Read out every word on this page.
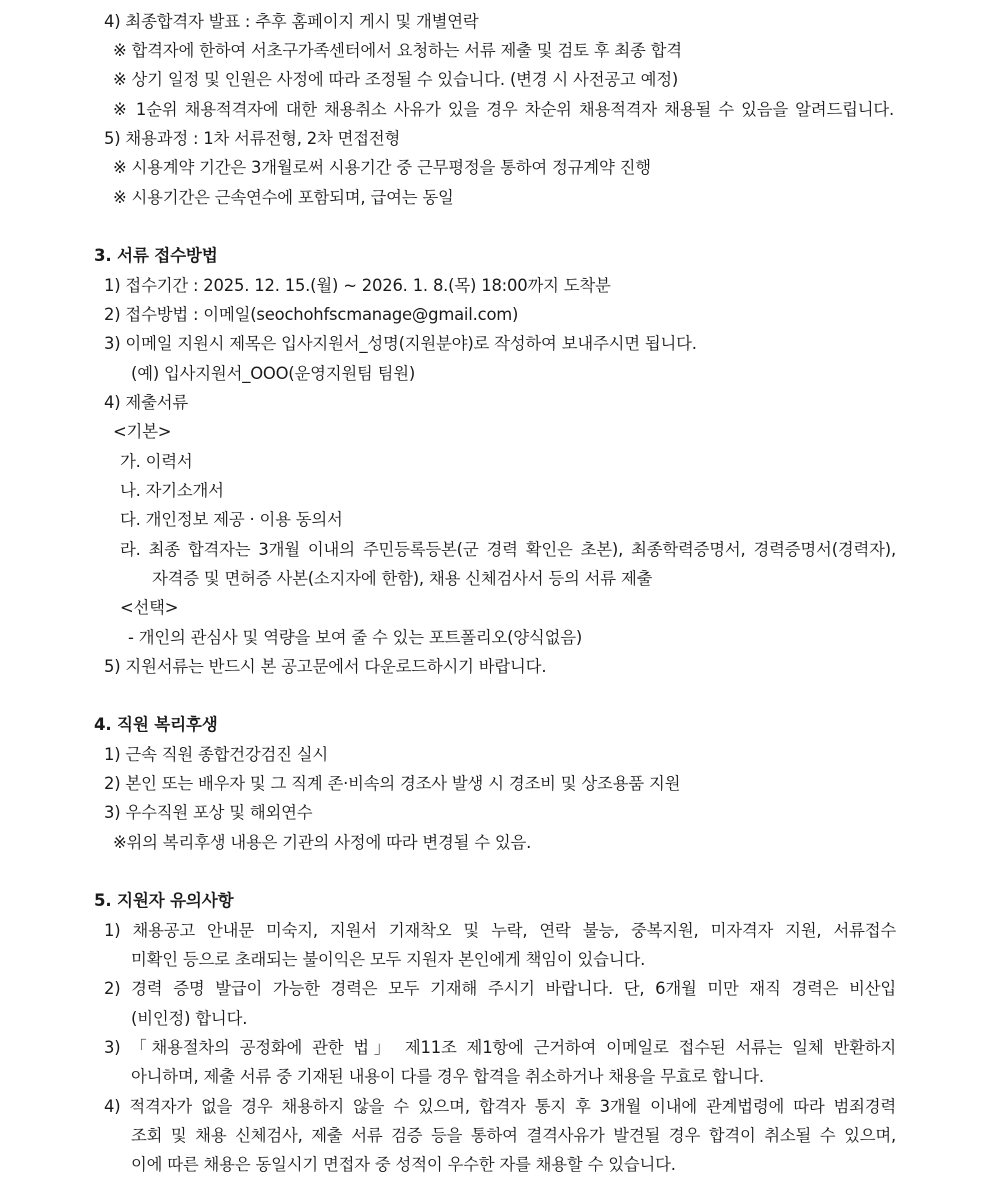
4) 최종합격자 발표 : 추후 홈페이지 게시 및 개별연락
※ 합격자에 한하여 서초구가족센터에서 요청하는 서류 제출 및 검토 후 최종 합격
※ 상기 일정 및 인원은 사정에 따라 조정될 수 있습니다. (변경 시 사전공고 예정)
※ 1순위 채용적격자에 대한 채용취소 사유가 있을 경우 차순위 채용적격자 채용될 수 있음을 알려드립니다.
5) 채용과정 : 1차 서류전형, 2차 면접전형
※ 시용계약 기간은 3개월로써 시용기간 중 근무평정을 통하여 정규계약 진행
※ 시용기간은 근속연수에 포함되며, 급여는 동일
3. 서류 접수방법
1) 접수기간 : 2025. 12. 15.(월) ~ 2026. 1. 8.(목) 18:00까지 도착분
2) 접수방법 : 이메일(seochohfscmanage@gmail.com)
3) 이메일 지원시 제목은 입사지원서_성명(지원분야)로 작성하여 보내주시면 됩니다.
(예) 입사지원서_OOO(운영지원팀 팀원)
4) 제출서류
<기본>
가. 이력서
나. 자기소개서
다. 개인정보 제공 · 이용 동의서
라. 최종 합격자는 3개월 이내의 주민등록등본(군 경력 확인은 초본), 최종학력증명서, 경력증명서(경력자),
자격증 및 면허증 사본(소지자에 한함), 채용 신체검사서 등의 서류 제출
<선택>
- 개인의 관심사 및 역량을 보여 줄 수 있는 포트폴리오(양식없음)
5) 지원서류는 반드시 본 공고문에서 다운로드하시기 바랍니다.
4. 직원 복리후생
1) 근속 직원 종합건강검진 실시
2) 본인 또는 배우자 및 그 직계 존·비속의 경조사 발생 시 경조비 및 상조용품 지원
3) 우수직원 포상 및 해외연수
※위의 복리후생 내용은 기관의 사정에 따라 변경될 수 있음.
5. 지원자 유의사항
1) 채용공고 안내문 미숙지, 지원서 기재착오 및 누락, 연락 불능, 중복지원, 미자격자 지원, 서류접수
미확인 등으로 초래되는 불이익은 모두 지원자 본인에게 책임이 있습니다.
2) 경력 증명 발급이 가능한 경력은 모두 기재해 주시기 바랍니다. 단, 6개월 미만 재직 경력은 비산입
(비인정) 합니다.
3) 「채용절차의 공정화에 관한 법」 제11조 제1항에 근거하여 이메일로 접수된 서류는 일체 반환하지
아니하며, 제출 서류 중 기재된 내용이 다를 경우 합격을 취소하거나 채용을 무효로 합니다.
4) 적격자가 없을 경우 채용하지 않을 수 있으며, 합격자 통지 후 3개월 이내에 관계법령에 따라 범죄경력
조회 및 채용 신체검사, 제출 서류 검증 등을 통하여 결격사유가 발견될 경우 합격이 취소될 수 있으며,
이에 따른 채용은 동일시기 면접자 중 성적이 우수한 자를 채용할 수 있습니다.
